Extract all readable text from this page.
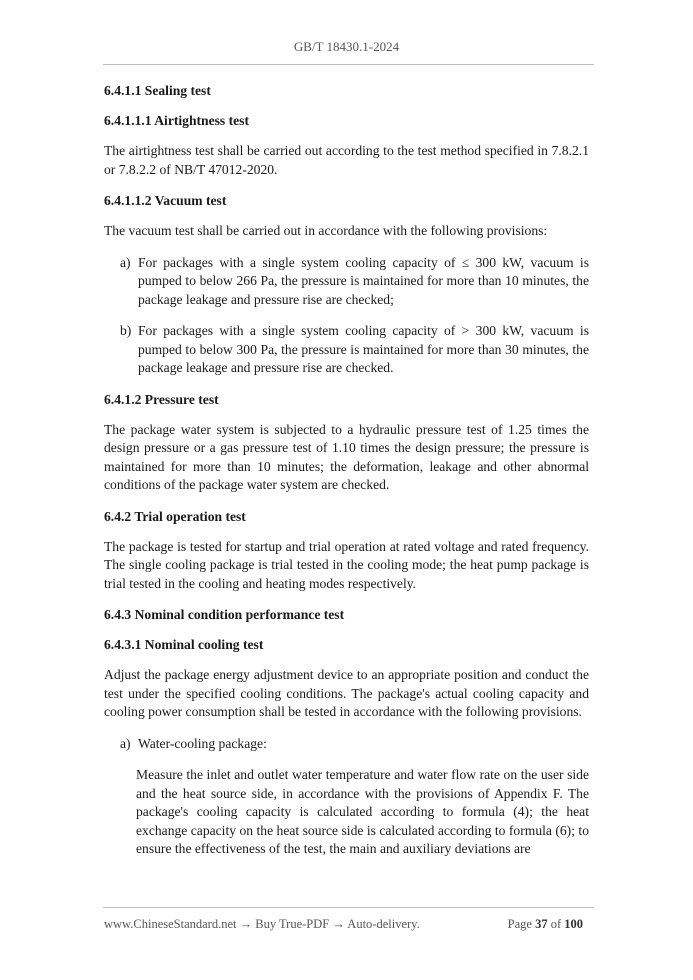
GB/T 18430.1-2024
6.4.1.1 Sealing test
6.4.1.1.1 Airtightness test

The airtightness test shall be carried out according to the test method specified in 7.8.2.1 or 7.8.2.2 of NB/T 47012-2020.

6.4.1.1.2 Vacuum test

The vacuum test shall be carried out in accordance with the following provisions:

a) For packages with a single system cooling capacity of ≤ 300 kW, vacuum is pumped to below 266 Pa, the pressure is maintained for more than 10 minutes, the package leakage and pressure rise are checked;
b) For packages with a single system cooling capacity of > 300 kW, vacuum is pumped to below 300 Pa, the pressure is maintained for more than 30 minutes, the package leakage and pressure rise are checked.
6.4.1.2 Pressure test

The package water system is subjected to a hydraulic pressure test of 1.25 times the design pressure or a gas pressure test of 1.10 times the design pressure; the pressure is maintained for more than 10 minutes; the deformation, leakage and other abnormal conditions of the package water system are checked.

6.4.2 Trial operation test

The package is tested for startup and trial operation at rated voltage and rated frequency. The single cooling package is trial tested in the cooling mode; the heat pump package is trial tested in the cooling and heating modes respectively.

6.4.3 Nominal condition performance test
6.4.3.1 Nominal cooling test

Adjust the package energy adjustment device to an appropriate position and conduct the test under the specified cooling conditions. The package's actual cooling capacity and cooling power consumption shall be tested in accordance with the following provisions.

a) Water-cooling package:

Measure the inlet and outlet water temperature and water flow rate on the user side and the heat source side, in accordance with the provisions of Appendix F. The package's cooling capacity is calculated according to formula (4); the heat exchange capacity on the heat source side is calculated according to formula (6); to ensure the effectiveness of the test, the main and auxiliary deviations are

www.ChineseStandard.net → Buy True-PDF → Auto-delivery.	Page 37 of 100
